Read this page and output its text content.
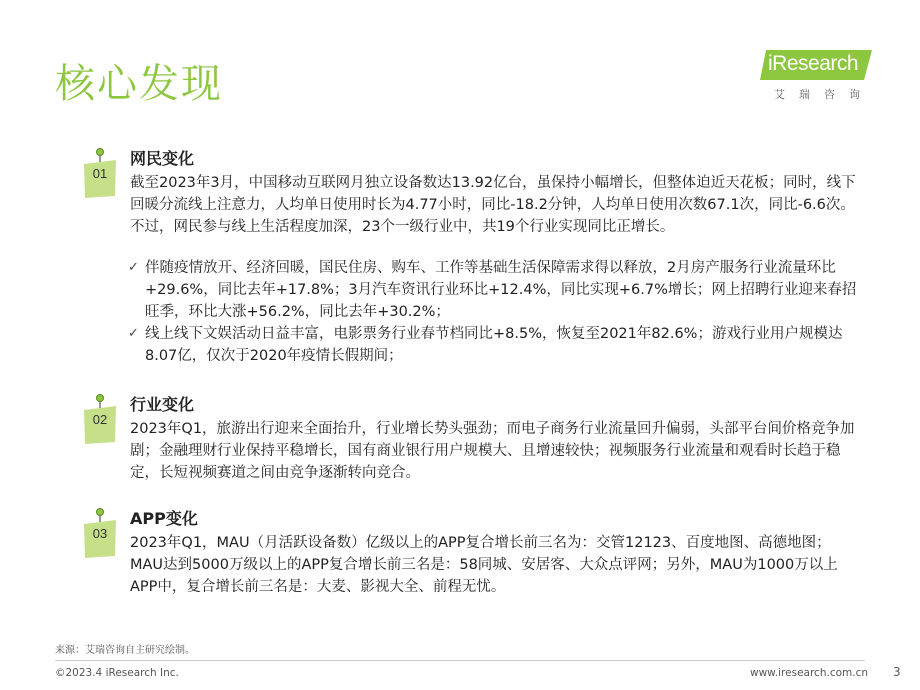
核心发现	iResearch
艾瑞咨询
01
网民变化

截至2023年3月，中国移动互联网月独立设备数达13.92亿台，虽保持小幅增长，但整体迫近天花板；同时，线下回暖分流线上注意力，人均单日使用时长为4.77小时，同比-18.2分钟，人均单日使用次数67.1次，同比-6.6次。不过，网民参与线上生活程度加深，23个一级行业中，共19个行业实现同比正增长。

✓ 伴随疫情放开、经济回暖，国民住房、购车、工作等基础生活保障需求得以释放，2月房产服务行业流量环比+29.6%，同比去年+17.8%；3月汽车资讯行业环比+12.4%，同比实现+6.7%增长；网上招聘行业迎来春招旺季，环比大涨+56.2%，同比去年+30.2%；
✓ 线上线下文娱活动日益丰富，电影票务行业春节档同比+8.5%，恢复至2021年82.6%；游戏行业用户规模达8.07亿，仅次于2020年疫情长假期间；
02
行业变化

2023年Q1，旅游出行迎来全面抬升，行业增长势头强劲；而电子商务行业流量回升偏弱，头部平台间价格竞争加剧；金融理财行业保持平稳增长，国有商业银行用户规模大、且增速较快；视频服务行业流量和观看时长趋于稳定，长短视频赛道之间由竞争逐渐转向竞合。

03
APP变化

2023年Q1，MAU（月活跃设备数）亿级以上的APP复合增长前三名为：交管12123、百度地图、高德地图；MAU达到5000万级以上的APP复合增长前三名是：58同城、安居客、大众点评网；另外，MAU为1000万以上APP中，复合增长前三名是：大麦、影视大全、前程无忧。

来源：艾瑞咨询自主研究绘制。
©2023.4 iResearch Inc.	www.iresearch.com.cn 3
